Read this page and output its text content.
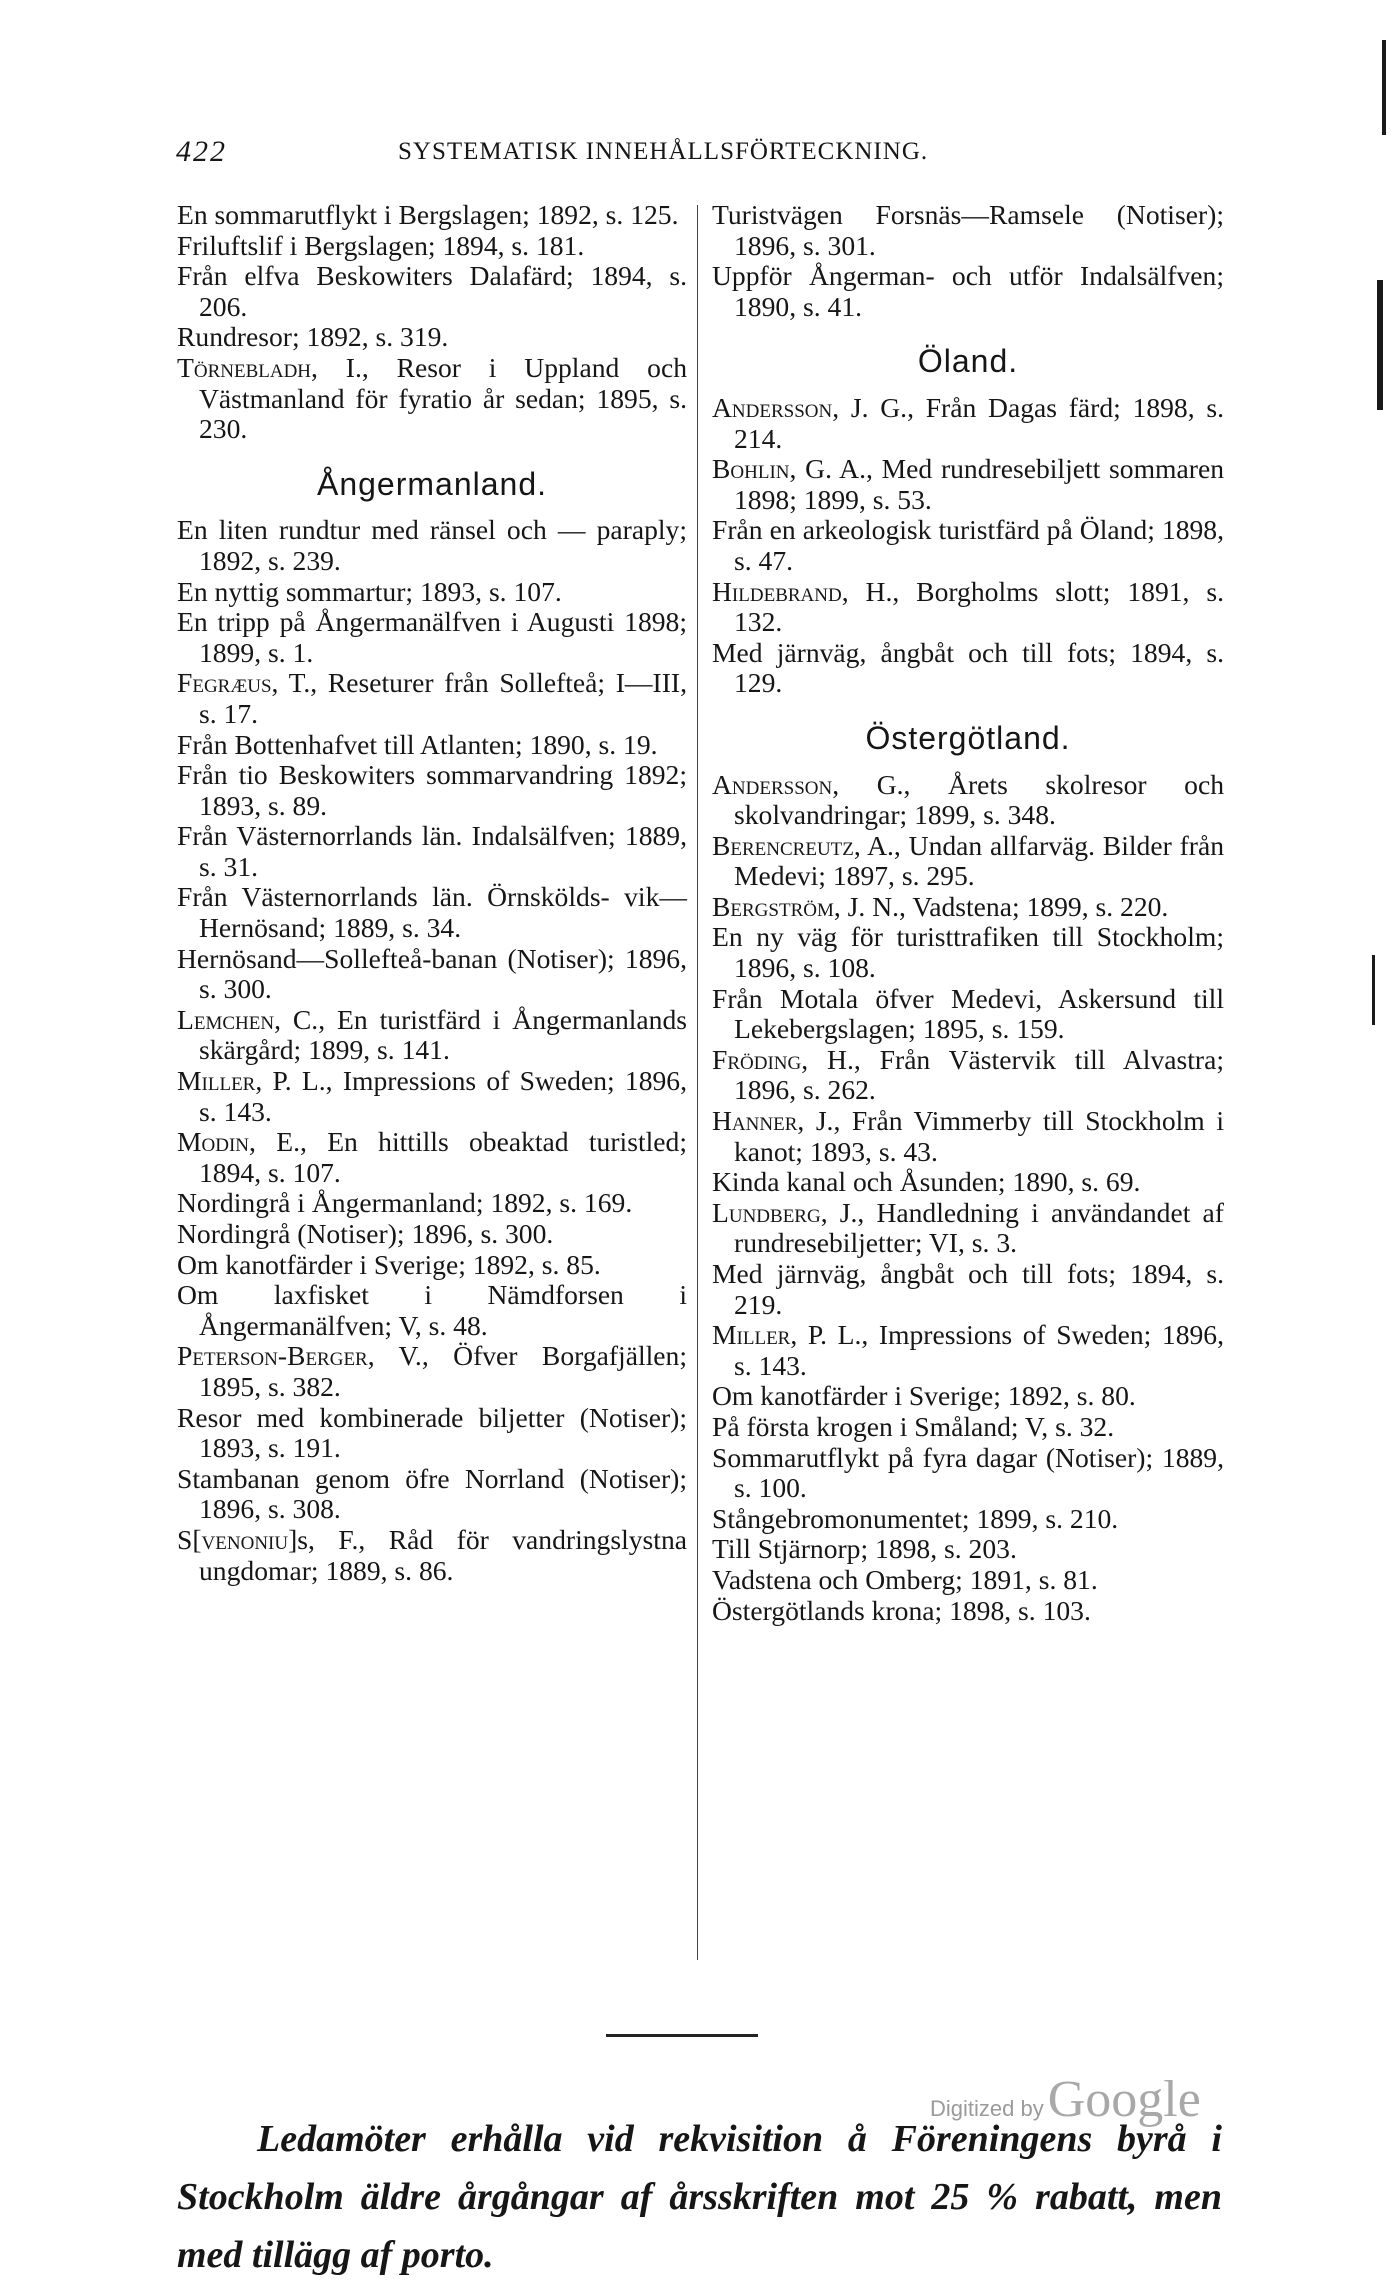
422	SYSTEMATISK INNEHÅLLSFÖRTECKNING.
En sommarutflykt i Bergslagen; 1892, s. 125.
Friluftslif i Bergslagen; 1894, s. 181.
Från elfva Beskowiters Dalafärd; 1894, s. 206.
Rundresor; 1892, s. 319.
Törnebladh, I., Resor i Uppland och Västmanland för fyratio år sedan; 1895, s. 230.
Ångermanland.
En liten rundtur med ränsel och — paraply; 1892, s. 239.
En nyttig sommartur; 1893, s. 107.
En tripp på Ångermanälfven i Augusti 1898; 1899, s. 1.
Fegræus, T., Reseturer från Sollefteå; I—III, s. 17.
Från Bottenhafvet till Atlanten; 1890, s. 19.
Från tio Beskowiters sommarvandring 1892; 1893, s. 89.
Från Västernorrlands län. Indalsälfven; 1889, s. 31.
Från Västernorrlands län. Örnskölds- vik—Hernösand; 1889, s. 34.
Hernösand—Sollefteå-banan (Notiser); 1896, s. 300.
Lemchen, C., En turistfärd i Ångermanlands skärgård; 1899, s. 141.
Miller, P. L., Impressions of Sweden; 1896, s. 143.
Modin, E., En hittills obeaktad turistled; 1894, s. 107.
Nordingrå i Ångermanland; 1892, s. 169.
Nordingrå (Notiser); 1896, s. 300.
Om kanotfärder i Sverige; 1892, s. 85.
Om laxfisket i Nämdforsen i Ångermanälfven; V, s. 48.
Peterson-Berger, V., Öfver Borgafjällen; 1895, s. 382.
Resor med kombinerade biljetter (Notiser); 1893, s. 191.
Stambanan genom öfre Norrland (Notiser); 1896, s. 308.
S[venoniu]s, F., Råd för vandringslystna ungdomar; 1889, s. 86.
Turistvägen Forsnäs—Ramsele (Notiser); 1896, s. 301.
Uppför Ångerman- och utför Indalsälfven; 1890, s. 41.
Öland.
Andersson, J. G., Från Dagas färd; 1898, s. 214.
Bohlin, G. A., Med rundresebiljett sommaren 1898; 1899, s. 53.
Från en arkeologisk turistfärd på Öland; 1898, s. 47.
Hildebrand, H., Borgholms slott; 1891, s. 132.
Med järnväg, ångbåt och till fots; 1894, s. 129.
Östergötland.
Andersson, G., Årets skolresor och skolvandringar; 1899, s. 348.
Berencreutz, A., Undan allfarväg. Bilder från Medevi; 1897, s. 295.
Bergström, J. N., Vadstena; 1899, s. 220.
En ny väg för turisttrafiken till Stockholm; 1896, s. 108.
Från Motala öfver Medevi, Askersund till Lekebergslagen; 1895, s. 159.
Fröding, H., Från Västervik till Alvastra; 1896, s. 262.
Hanner, J., Från Vimmerby till Stockholm i kanot; 1893, s. 43.
Kinda kanal och Åsunden; 1890, s. 69.
Lundberg, J., Handledning i användandet af rundresebiljetter; VI, s. 3.
Med järnväg, ångbåt och till fots; 1894, s. 219.
Miller, P. L., Impressions of Sweden; 1896, s. 143.
Om kanotfärder i Sverige; 1892, s. 80.
På första krogen i Småland; V, s. 32.
Sommarutflykt på fyra dagar (Notiser); 1889, s. 100.
Stångebromonumentet; 1899, s. 210.
Till Stjärnorp; 1898, s. 203.
Vadstena och Omberg; 1891, s. 81.
Östergötlands krona; 1898, s. 103.
Ledamöter erhålla vid rekvisition å Föreningens byrå i Stockholm äldre årgångar af årsskriften mot 25 % rabatt, men med tillägg af porto.
Digitized by Google
